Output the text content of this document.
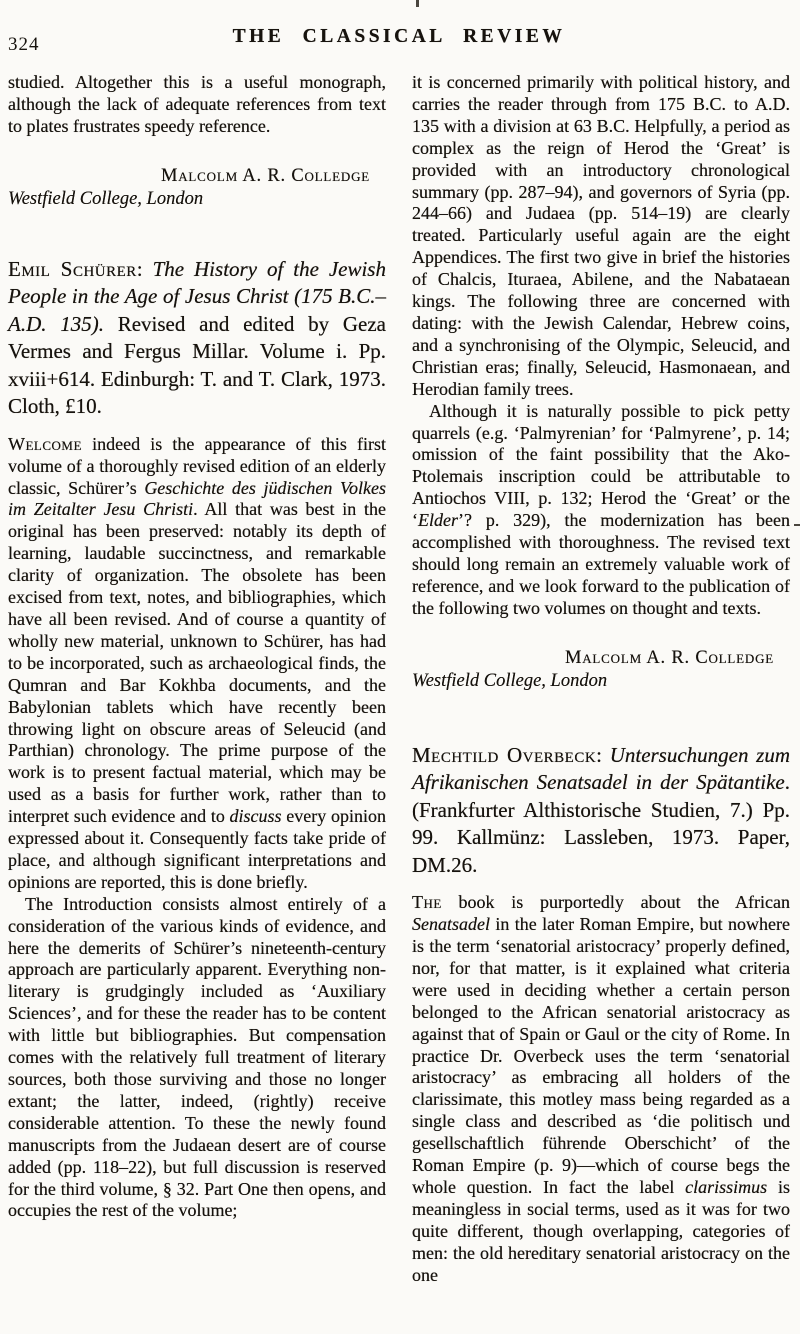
324	THE CLASSICAL REVIEW

studied. Altogether this is a useful monograph, although the lack of adequate references from text to plates frustrates speedy reference.

Malcolm A. R. Colledge

Westfield College, London

Emil Schürer: The History of the Jewish People in the Age of Jesus Christ (175 B.C.–A.D. 135). Revised and edited by Geza Vermes and Fergus Millar. Volume i. Pp. xviii+614. Edinburgh: T. and T. Clark, 1973. Cloth, £10.

Welcome indeed is the appearance of this first volume of a thoroughly revised edition of an elderly classic, Schürer’s Geschichte des jüdischen Volkes im Zeitalter Jesu Christi. All that was best in the original has been preserved: notably its depth of learning, laudable succinctness, and remarkable clarity of organization. The obsolete has been excised from text, notes, and bibliographies, which have all been revised. And of course a quantity of wholly new material, unknown to Schürer, has had to be incorporated, such as archaeological finds, the Qumran and Bar Kokhba documents, and the Babylonian tablets which have recently been throwing light on obscure areas of Seleucid (and Parthian) chronology. The prime purpose of the work is to present factual material, which may be used as a basis for further work, rather than to interpret such evidence and to discuss every opinion expressed about it. Consequently facts take pride of place, and although significant interpretations and opinions are reported, this is done briefly.

The Introduction consists almost entirely of a consideration of the various kinds of evidence, and here the demerits of Schürer’s nineteenth-century approach are particularly apparent. Everything non-literary is grudgingly included as ‘Auxiliary Sciences’, and for these the reader has to be content with little but bibliographies. But compensation comes with the relatively full treatment of literary sources, both those surviving and those no longer extant; the latter, indeed, (rightly) receive considerable attention. To these the newly found manuscripts from the Judaean desert are of course added (pp. 118–22), but full discussion is reserved for the third volume, § 32. Part One then opens, and occupies the rest of the volume;

it is concerned primarily with political history, and carries the reader through from 175 B.C. to A.D. 135 with a division at 63 B.C. Helpfully, a period as complex as the reign of Herod the ‘Great’ is provided with an introductory chronological summary (pp. 287–94), and governors of Syria (pp. 244–66) and Judaea (pp. 514–19) are clearly treated. Particularly useful again are the eight Appendices. The first two give in brief the histories of Chalcis, Ituraea, Abilene, and the Nabataean kings. The following three are concerned with dating: with the Jewish Calendar, Hebrew coins, and a synchronising of the Olympic, Seleucid, and Christian eras; finally, Seleucid, Hasmonaean, and Herodian family trees.

Although it is naturally possible to pick petty quarrels (e.g. ‘Palmyrenian’ for ‘Palmyrene’, p. 14; omission of the faint possibility that the Ako-Ptolemais inscription could be attributable to Antiochos VIII, p. 132; Herod the ‘Great’ or the ‘Elder’? p. 329), the modernization has been accomplished with thoroughness. The revised text should long remain an extremely valuable work of reference, and we look forward to the publication of the following two volumes on thought and texts.

Malcolm A. R. Colledge

Westfield College, London

Mechtild Overbeck: Untersuchungen zum Afrikanischen Senatsadel in der Spätantike. (Frankfurter Althistorische Studien, 7.) Pp. 99. Kallmünz: Lassleben, 1973. Paper, DM.26.

The book is purportedly about the African Senatsadel in the later Roman Empire, but nowhere is the term ‘senatorial aristocracy’ properly defined, nor, for that matter, is it explained what criteria were used in deciding whether a certain person belonged to the African senatorial aristocracy as against that of Spain or Gaul or the city of Rome. In practice Dr. Overbeck uses the term ‘senatorial aristocracy’ as embracing all holders of the clarissimate, this motley mass being regarded as a single class and described as ‘die politisch und gesellschaftlich führende Oberschicht’ of the Roman Empire (p. 9)—which of course begs the whole question. In fact the label clarissimus is meaningless in social terms, used as it was for two quite different, though overlapping, categories of men: the old hereditary senatorial aristocracy on the one
